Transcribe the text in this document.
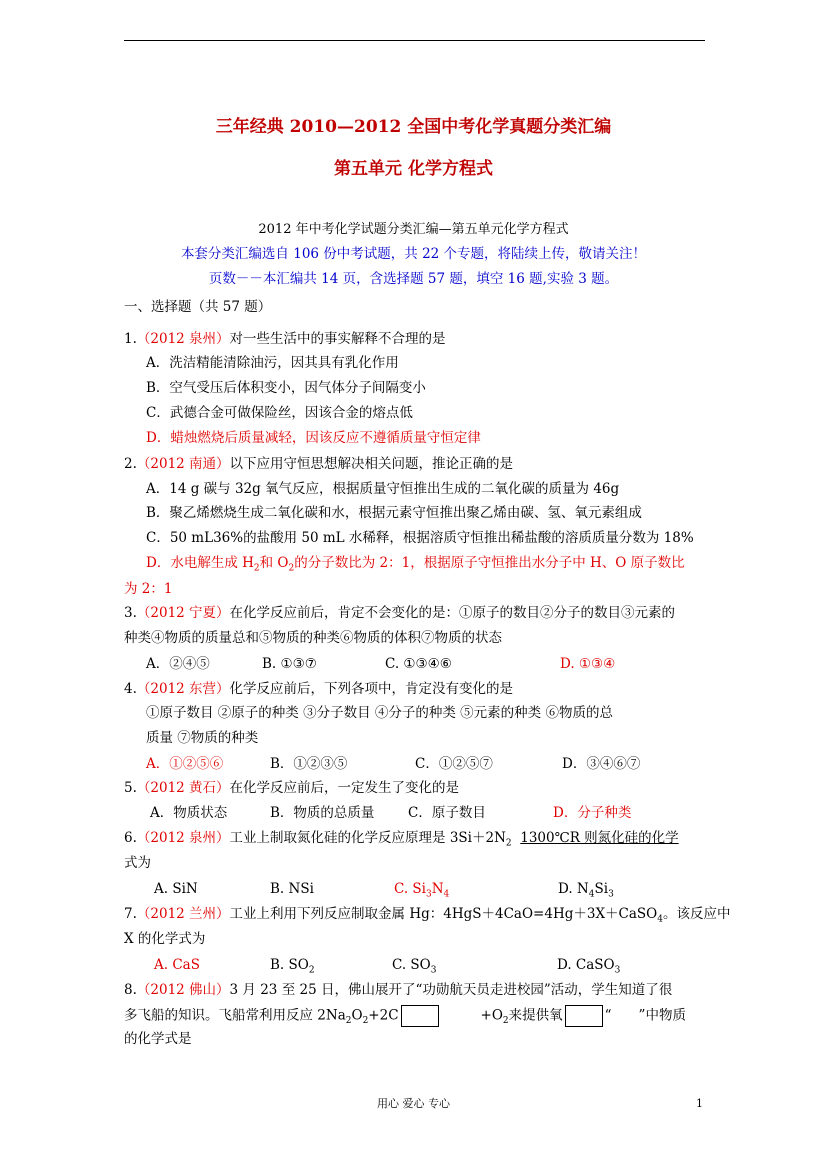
三年经典 2010—2012 全国中考化学真题分类汇编
第五单元 化学方程式
2012 年中考化学试题分类汇编—第五单元化学方程式
本套分类汇编选自 106 份中考试题，共 22 个专题，将陆续上传，敬请关注！
页数－－本汇编共 14 页，含选择题 57 题，填空 16 题,实验 3 题。
一、选择题（共 57 题）
1.（2012 泉州）对一些生活中的事实解释不合理的是
A．洗洁精能清除油污，因其具有乳化作用
B．空气受压后体积变小，因气体分子间隔变小
C．武德合金可做保险丝，因该合金的熔点低
D．蜡烛燃烧后质量减轻，因该反应不遵循质量守恒定律
2.（2012 南通）以下应用守恒思想解决相关问题，推论正确的是
A．14 g 碳与 32g 氧气反应，根据质量守恒推出生成的二氧化碳的质量为 46g
B．聚乙烯燃烧生成二氧化碳和水，根据元素守恒推出聚乙烯由碳、氢、氧元素组成
C．50 mL36%的盐酸用 50 mL 水稀释，根据溶质守恒推出稀盐酸的溶质质量分数为 18%
D．水电解生成 $H_2$和 $O_2$的分子数比为 2：1，根据原子守恒推出水分子中 H、O 原子数比
为 2：1
3.（2012 宁夏）在化学反应前后，肯定不会变化的是：①原子的数目②分子的数目③元素的
种类④物质的质量总和⑤物质的种类⑥物质的体积⑦物质的状态
A．②④⑤	B. ①③⑦	C. ①③④⑥	D. ①③④
4.（2012 东营）化学反应前后，下列各项中，肯定没有变化的是
①原子数目 ②原子的种类 ③分子数目 ④分子的种类 ⑤元素的种类 ⑥物质的总
质量 ⑦物质的种类
A．①②⑤⑥	B．①②③⑤	C．①②⑤⑦	D．③④⑥⑦
5.（2012 黄石）在化学反应前后，一定发生了变化的是
A．物质状态	B．物质的总质量 C．原子数目	D．分子种类
6.（2012 泉州）工业上制取氮化硅的化学反应原理是 $3Si+2N_2$ 1300℃R 则氮化硅的化学
式为
A. SiN	B. NSi	C. $Si_3N_4$	D. $N_4Si_3$
7.（2012 兰州）工业上利用下列反应制取金属 Hg：4HgS＋4CaO=4Hg＋3X＋CaSO$_4$。该反应中
X 的化学式为
A. CaS	B. $SO_2$	C. $SO_3$	D. CaSO$_3$
8.（2012 佛山）3 月 23 至 25 日，佛山展开了“功勋航天员走进校园”活动，学生知道了很
多飞船的知识。飞船常利用反应 $2Na_2O_2+2C$	$+O_2$来提供氧	“　　”中物质
的化学式是
用心 爱心 专心	1
